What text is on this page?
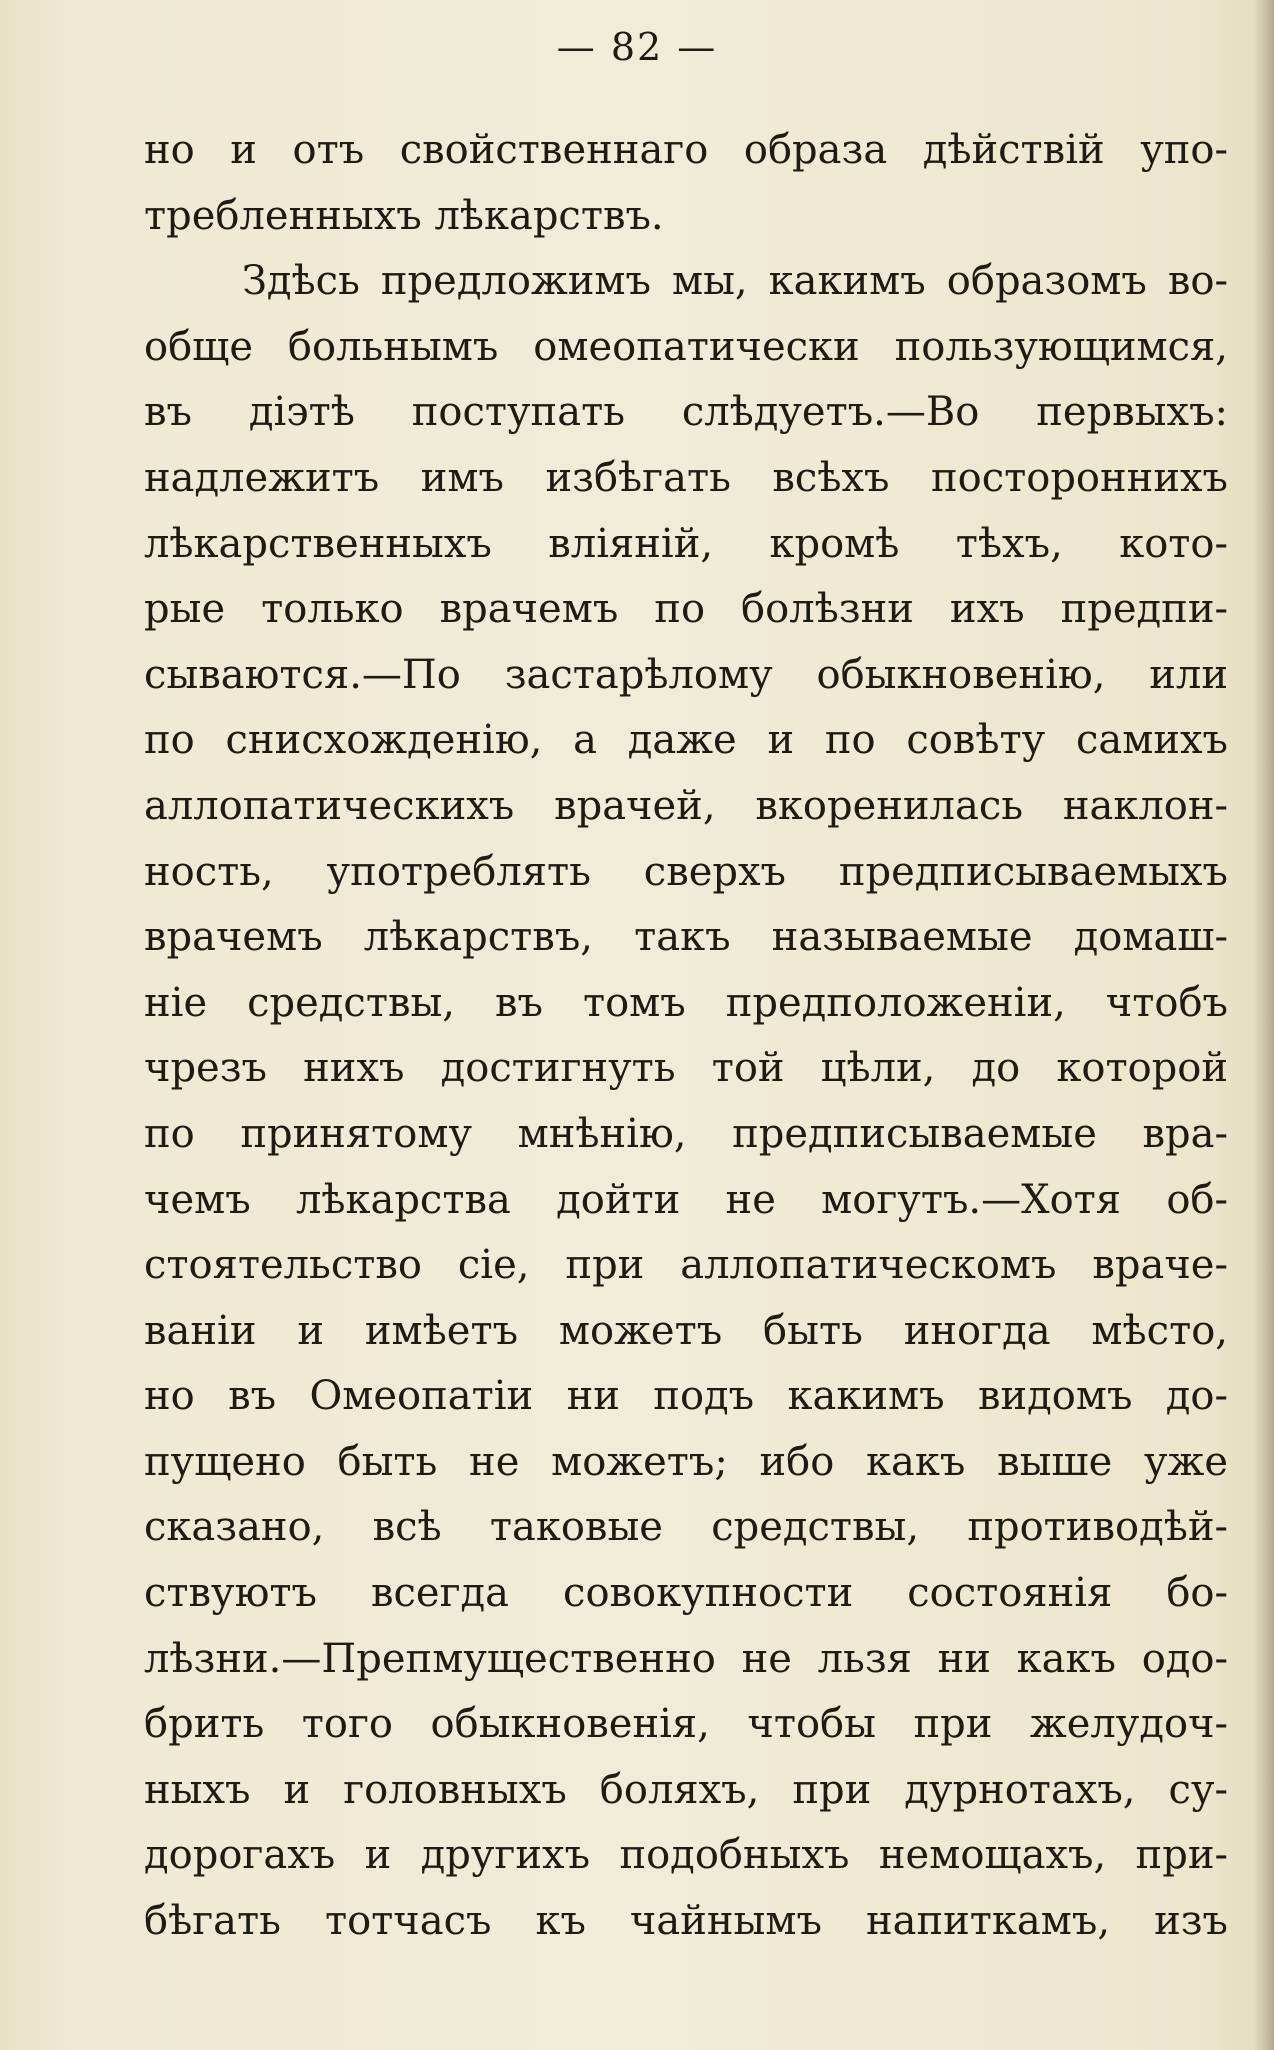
— 82 —
но и отъ свойственнаго образа дѣйствій упо-
требленныхъ лѣкарствъ.
Здѣсь предложимъ мы, какимъ образомъ во-
обще больнымъ омеопатически пользующимся,
въ діэтѣ поступать слѣдуетъ.—Во первыхъ:
надлежитъ имъ избѣгать всѣхъ постороннихъ
лѣкарственныхъ вліяній, кромѣ тѣхъ, кото-
рые только врачемъ по болѣзни ихъ предпи-
сываются.—По застарѣлому обыкновенію, или
по снисхожденію, а даже и по совѣту самихъ
аллопатическихъ врачей, вкоренилась наклон-
ность, употреблять сверхъ предписываемыхъ
врачемъ лѣкарствъ, такъ называемые домаш-
ніе средствы, въ томъ предположеніи, чтобъ
чрезъ нихъ достигнуть той цѣли, до которой
по принятому мнѣнію, предписываемые вра-
чемъ лѣкарства дойти не могутъ.—Хотя об-
стоятельство сіе, при аллопатическомъ враче-
ваніи и имѣетъ можетъ быть иногда мѣсто,
но въ Омеопатіи ни подъ какимъ видомъ до-
пущено быть не можетъ; ибо какъ выше уже
сказано, всѣ таковые средствы, противодѣй-
ствуютъ всегда совокупности состоянія бо-
лѣзни.—Препмущественно не льзя ни какъ одо-
брить того обыкновенія, чтобы при желудоч-
ныхъ и головныхъ боляхъ, при дурнотахъ, су-
дорогахъ и другихъ подобныхъ немощахъ, при-
бѣгать тотчасъ къ чайнымъ напиткамъ, изъ
